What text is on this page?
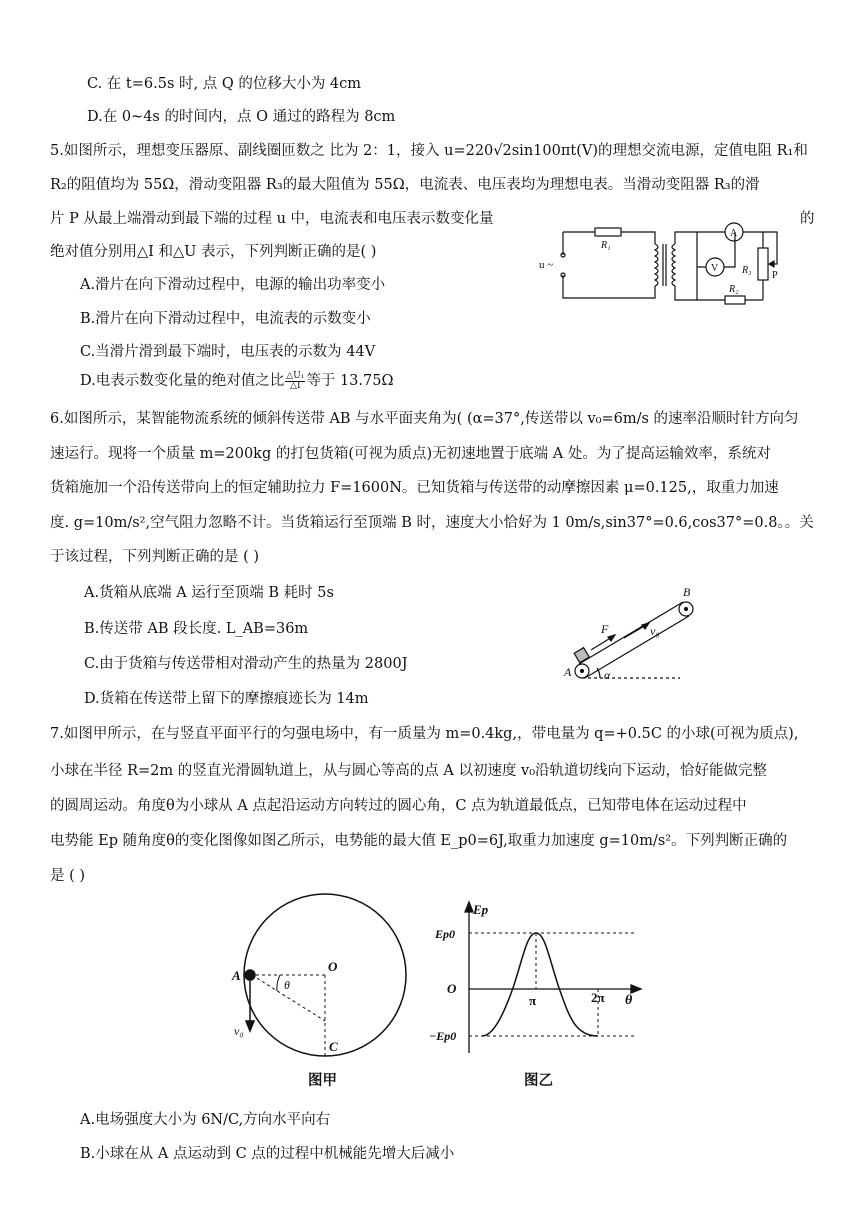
C. 在 t=6.5s 时, 点 Q 的位移大小为 4cm
D.在 0~4s 的时间内，点 O 通过的路程为 8cm
5.如图所示，理想变压器原、副线圈匝数之 比为 2：1，接入 u=220√2sin100πt(V)的理想交流电源，定值电阻 R₁和
R₂的阻值均为 55Ω，滑动变阻器 R₃的最大阻值为 55Ω，电流表、电压表均为理想电表。当滑动变阻器 R₃的滑
片 P 从最上端滑动到最下端的过程 u 中，电流表和电压表示数变化量	的
绝对值分别用△I 和△U 表示，下列判断正确的是( )
A.滑片在向下滑动过程中，电源的输出功率变小
B.滑片在向下滑动过程中，电流表的示数变小
C.当滑片滑到最下端时，电压表的示数为 44V
D.电表示数变化量的绝对值之比 $\frac{\text{△U₁}}{\triangle I}$ 等于 13.75Ω
u ~
R₁
V
A
R₃ P
R₂
6.如图所示，某智能物流系统的倾斜传送带 AB 与水平面夹角为( (α=37°,传送带以 v₀=6m/s 的速率沿顺时针方向匀
速运行。现将一个质量 m=200kg 的打包货箱(可视为质点)无初速地置于底端 A 处。为了提高运输效率，系统对
货箱施加一个沿传送带向上的恒定辅助拉力 F=1600N。已知货箱与传送带的动摩擦因素 μ=0.125,，取重力加速
度. g=10m/s²,空气阻力忽略不计。当货箱运行至顶端 B 时，速度大小恰好为 1 0m/s,sin37°=0.6,cos37°=0.8。。关
于该过程，下列判断正确的是 ( )
A.货箱从底端 A 运行至顶端 B 耗时 5s
B.传送带 AB 段长度. L_AB=36m
C.由于货箱与传送带相对滑动产生的热量为 2800J
D.货箱在传送带上留下的摩擦痕迹长为 14m
A
B
F	v₀
α
7.如图甲所示，在与竖直平面平行的匀强电场中，有一质量为 m=0.4kg,，带电量为 q=+0.5C 的小球(可视为质点),
小球在半径 R=2m 的竖直光滑圆轨道上，从与圆心等高的点 A 以初速度 v₀沿轨道切线向下运动，恰好能做完整
的圆周运动。角度θ为小球从 A 点起沿运动方向转过的圆心角，C 点为轨道最低点，已知带电体在运动过程中
电势能 Ep 随角度θ的变化图像如图乙所示，电势能的最大值 E_p0=6J,取重力加速度 g=10m/s²。下列判断正确的
是 ( )
A
O
C
θ
v₀
图甲
Ep
Ep0
O
−Ep0
π	2π θ
图乙
A.电场强度大小为 6N/C,方向水平向右
B.小球在从 A 点运动到 C 点的过程中机械能先增大后减小
